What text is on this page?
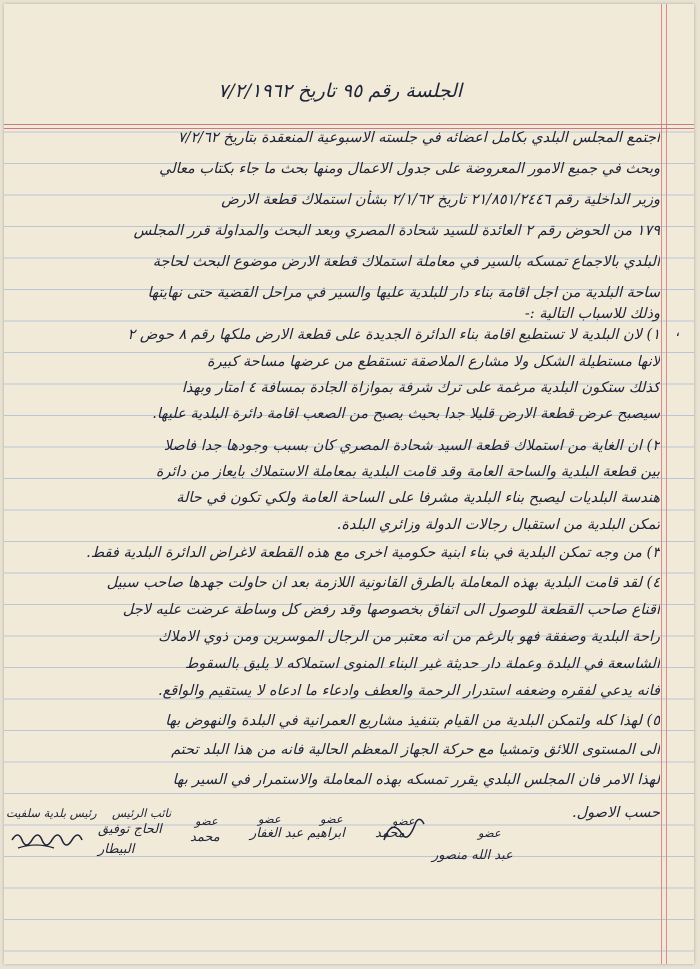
الجلسة رقم ٩٥ تاريخ ٧/٢/١٩٦٢
اجتمع المجلس البلدي بكامل اعضائه في جلسته الاسبوعية المنعقدة بتاريخ ٧/٢/٦٢
وبحث في جميع الامور المعروضة على جدول الاعمال ومنها بحث ما جاء بكتاب معالي
وزير الداخلية رقم ٢١/٨٥١/٢٤٤٦ تاريخ ٢/١/٦٢ بشأن استملاك قطعة الارض
١٧٩ من الحوض رقم ٢ العائدة للسيد شحادة المصري وبعد البحث والمداولة قرر المجلس
البلدي بالاجماع تمسكه بالسير في معاملة استملاك قطعة الارض موضوع البحث لحاجة
ساحة البلدية من اجل اقامة بناء دار للبلدية عليها والسير في مراحل القضية حتى نهايتها
وذلك للاسباب التالية :-
،
١) لان البلدية لا تستطيع اقامة بناء الدائرة الجديدة على قطعة الارض ملكها رقم ٨ حوض ٢
لانها مستطيلة الشكل ولا مشارع الملاصقة تستقطع من عرضها مساحة كبيرة
كذلك ستكون البلدية مرغمة على ترك شرفة بموازاة الجادة بمسافة ٤ امتار وبهذا
سيصبح عرض قطعة الارض قليلا جدا بحيث يصبح من الصعب اقامة دائرة البلدية عليها.
٢) ان الغاية من استملاك قطعة السيد شحادة المصري كان بسبب وجودها جدا فاصلا
بين قطعة البلدية والساحة العامة وقد قامت البلدية بمعاملة الاستملاك بايعاز من دائرة
هندسة البلديات ليصبح بناء البلدية مشرفا على الساحة العامة ولكي تكون في حالة
تمكن البلدية من استقبال رجالات الدولة وزائري البلدة.
٣) من وجه تمكن البلدية في بناء ابنية حكومية اخرى مع هذه القطعة لاغراض الدائرة البلدية فقط.
٤) لقد قامت البلدية بهذه المعاملة بالطرق القانونية اللازمة بعد ان حاولت جهدها صاحب سبيل
اقناع صاحب القطعة للوصول الى اتفاق بخصوصها وقد رفض كل وساطة عرضت عليه لاجل
راحة البلدية وصفقة فهو بالرغم من انه معتبر من الرجال الموسرين ومن ذوي الاملاك
الشاسعة في البلدة وعملة دار حديثة غير البناء المنوى استملاكه لا يليق بالسقوط
فانه يدعي لفقره وضعفه استدرار الرحمة والعطف وادعاء ما ادعاه لا يستقيم والواقع.
٥) لهذا كله ولتمكن البلدية من القيام بتنفيذ مشاريع العمرانية في البلدة والنهوض بها
الى المستوى اللائق وتمشيا مع حركة الجهاز المعظم الحالية فانه من هذا البلد تحتم
لهذا الامر فان المجلس البلدي يقرر تمسكه بهذه المعاملة والاستمرار في السير بها
حسب الاصول.
عضو
عضو
عضو
عضو
عضو
نائب الرئيس
رئيس بلدية سلفيت
عبد الله منصور
محمد
ابراهيم عبد الغفار
محمد
الحاج توفيق
البيطار
